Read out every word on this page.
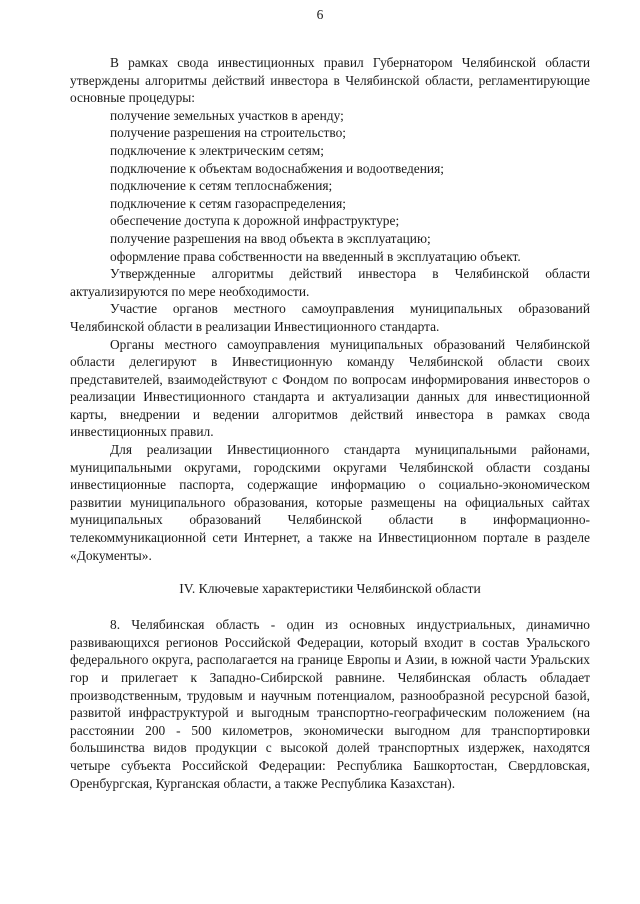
6

В рамках свода инвестиционных правил Губернатором Челябинской области утверждены алгоритмы действий инвестора в Челябинской области, регламентирующие основные процедуры:

получение земельных участков в аренду;
получение разрешения на строительство;
подключение к электрическим сетям;
подключение к объектам водоснабжения и водоотведения;
подключение к сетям теплоснабжения;
подключение к сетям газораспределения;
обеспечение доступа к дорожной инфраструктуре;
получение разрешения на ввод объекта в эксплуатацию;
оформление права собственности на введенный в эксплуатацию объект.

Утвержденные алгоритмы действий инвестора в Челябинской области актуализируются по мере необходимости.

Участие органов местного самоуправления муниципальных образований Челябинской области в реализации Инвестиционного стандарта.

Органы местного самоуправления муниципальных образований Челябинской области делегируют в Инвестиционную команду Челябинской области своих представителей, взаимодействуют с Фондом по вопросам информирования инвесторов о реализации Инвестиционного стандарта и актуализации данных для инвестиционной карты, внедрении и ведении алгоритмов действий инвестора в рамках свода инвестиционных правил.

Для реализации Инвестиционного стандарта муниципальными районами, муниципальными округами, городскими округами Челябинской области созданы инвестиционные паспорта, содержащие информацию о социально-экономическом развитии муниципального образования, которые размещены на официальных сайтах муниципальных образований Челябинской области в информационно-телекоммуникационной сети Интернет, а также на Инвестиционном портале в разделе «Документы».

IV. Ключевые характеристики Челябинской области

8. Челябинская область - один из основных индустриальных, динамично развивающихся регионов Российской Федерации, который входит в состав Уральского федерального округа, располагается на границе Европы и Азии, в южной части Уральских гор и прилегает к Западно-Сибирской равнине. Челябинская область обладает производственным, трудовым и научным потенциалом, разнообразной ресурсной базой, развитой инфраструктурой и выгодным транспортно-географическим положением (на расстоянии 200 - 500 километров, экономически выгодном для транспортировки большинства видов продукции с высокой долей транспортных издержек, находятся четыре субъекта Российской Федерации: Республика Башкортостан, Свердловская, Оренбургская, Курганская области, а также Республика Казахстан).
